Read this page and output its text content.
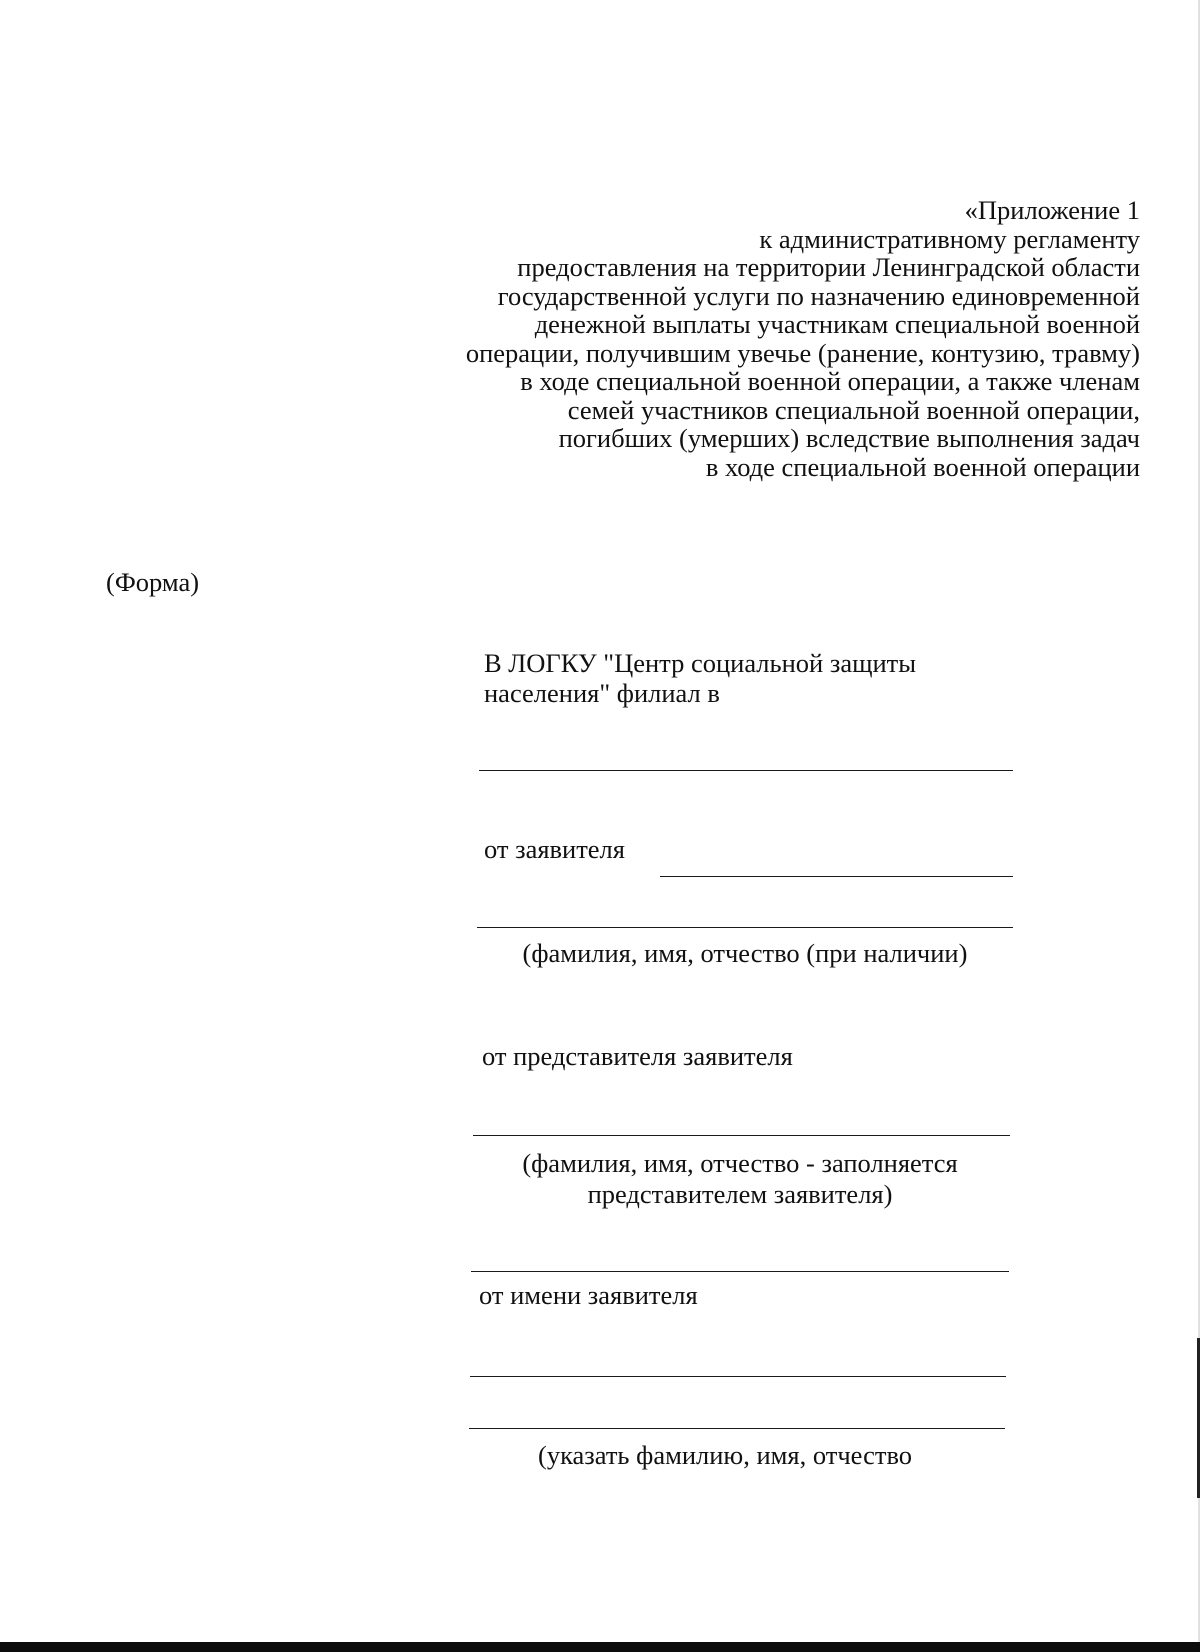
«Приложение 1
к административному регламенту
предоставления на территории Ленинградской области
государственной услуги по назначению единовременной
денежной выплаты участникам специальной военной
операции, получившим увечье (ранение, контузию, травму)
в ходе специальной военной операции, а также членам
семей участников специальной военной операции,
погибших (умерших) вследствие выполнения задач
в ходе специальной военной операции
(Форма)
В ЛОГКУ "Центр социальной защиты
населения" филиал в
от заявителя
(фамилия, имя, отчество (при наличии)
от представителя заявителя
(фамилия, имя, отчество - заполняется
представителем заявителя)
от имени заявителя
(указать фамилию, имя, отчество
